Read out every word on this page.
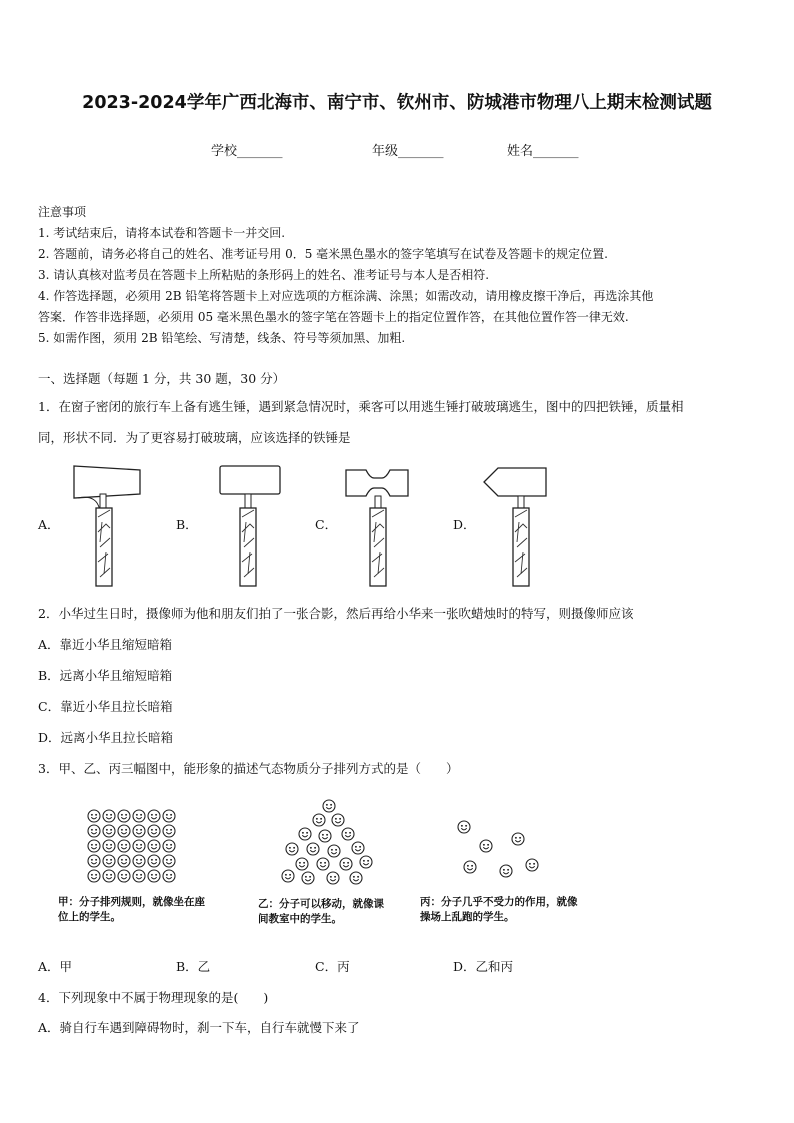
2023-2024学年广西北海市、南宁市、钦州市、防城港市物理八上期末检测试题
学校_______	年级_______	姓名_______
注意事项
1. 考试结束后，请将本试卷和答题卡一并交回.
2. 答题前，请务必将自己的姓名、准考证号用 0．5 毫米黑色墨水的签字笔填写在试卷及答题卡的规定位置.
3. 请认真核对监考员在答题卡上所粘贴的条形码上的姓名、准考证号与本人是否相符.
4. 作答选择题，必须用 2B 铅笔将答题卡上对应选项的方框涂满、涂黑；如需改动，请用橡皮擦干净后，再选涂其他
答案．作答非选择题，必须用 05 毫米黑色墨水的签字笔在答题卡上的指定位置作答，在其他位置作答一律无效.
5. 如需作图，须用 2B 铅笔绘、写清楚，线条、符号等须加黑、加粗.
一、选择题（每题 1 分，共 30 题，30 分）
1．在窗子密闭的旅行车上备有逃生锤，遇到紧急情况时，乘客可以用逃生锤打破玻璃逃生，图中的四把铁锤，质量相
同，形状不同．为了更容易打破玻璃，应该选择的铁锤是
A．	B．	C．	D．
2．小华过生日时，摄像师为他和朋友们拍了一张合影，然后再给小华来一张吹蜡烛时的特写，则摄像师应该
A．靠近小华且缩短暗箱
B．远离小华且缩短暗箱
C．靠近小华且拉长暗箱
D．远离小华且拉长暗箱
3．甲、乙、丙三幅图中，能形象的描述气态物质分子排列方式的是（　　）
甲：分子排列规则，就像坐在座位上的学生。
乙：分子可以移动，就像课间教室中的学生。
丙：分子几乎不受力的作用，就像操场上乱跑的学生。
A．甲	B．乙	C．丙	D．乙和丙
4．下列现象中不属于物理现象的是(　　)
A．骑自行车遇到障碍物时，刹一下车，自行车就慢下来了
